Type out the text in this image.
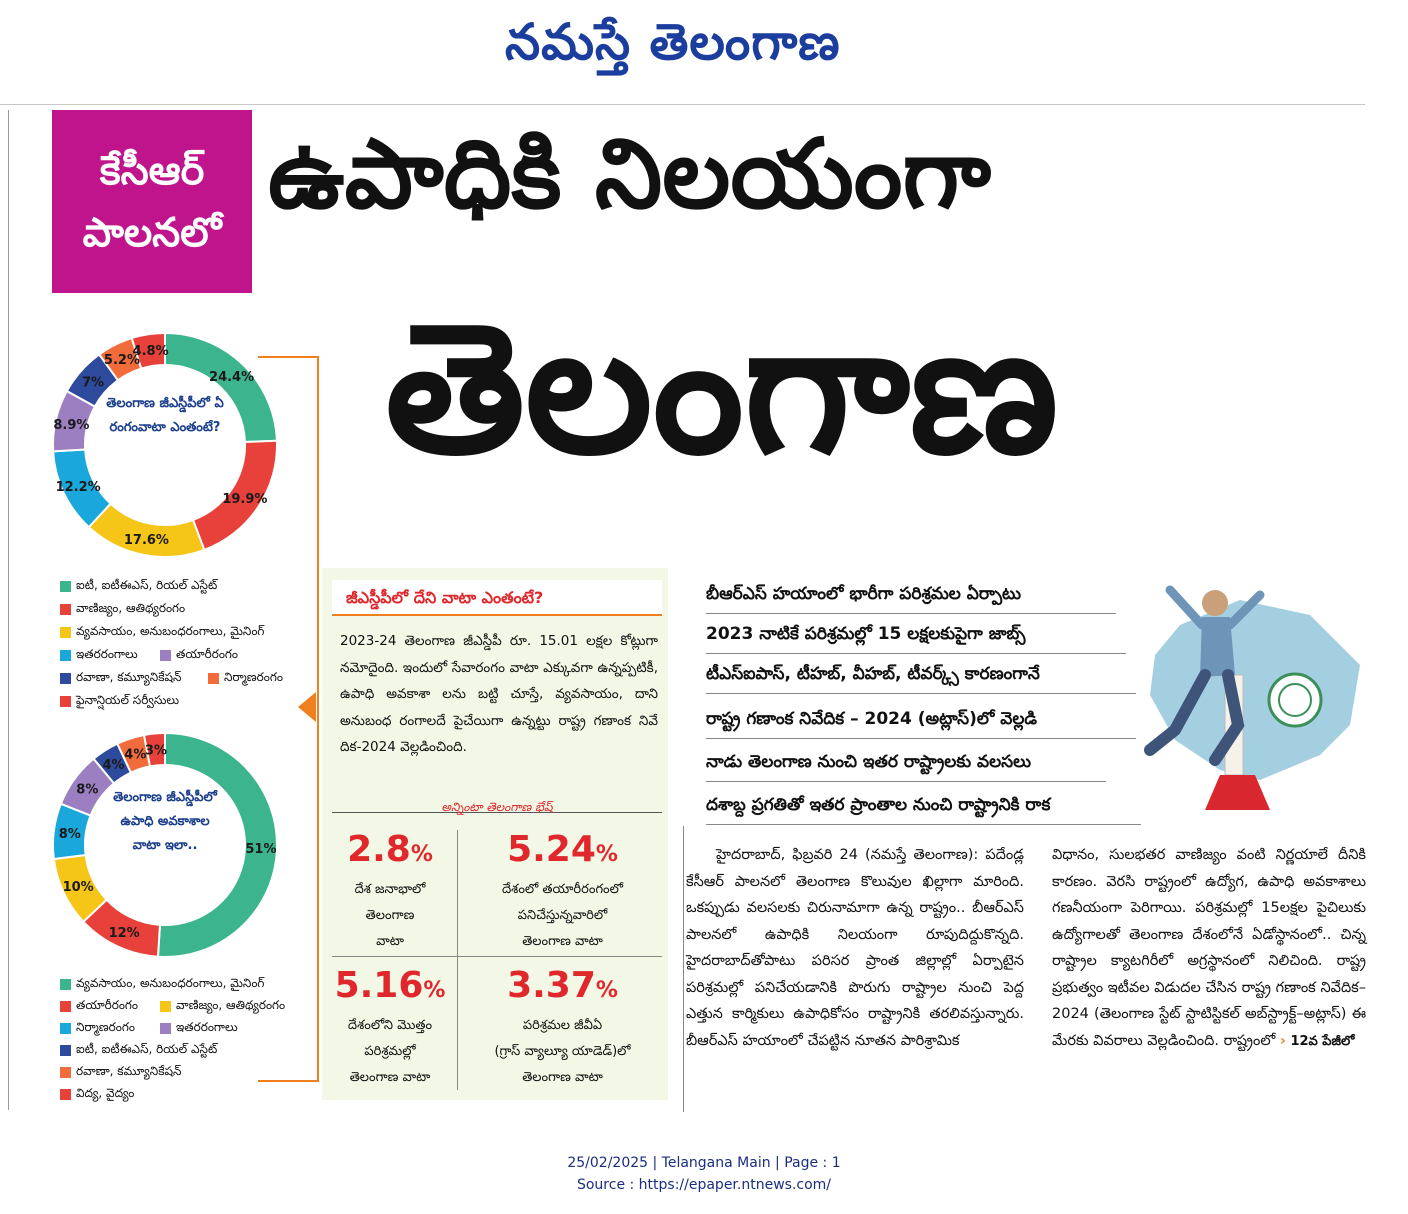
నమస్తే తెలంగాణ
కేసీఆర్
పాలనలో
ఉపాధికి నిలయంగా
తెలంగాణ
24.4%
19.9%
17.6%
12.2%
8.9%
7%
5.2%
4.8%
తెలంగాణ జీఎస్డీపీలో ఏ రంగంవాటా ఎంతంటే?
51%
12%
10%
8%
8%
4%
4%
3%
తెలంగాణ జీఎస్డీపీలో ఉపాధి అవకాశాల వాటా ఇలా..
ఐటీ, ఐటీఈఎస్, రియల్ ఎస్టేట్
వాణిజ్యం, ఆతిథ్యరంగం
వ్యవసాయం, అనుబంధరంగాలు, మైనింగ్
ఇతరరంగాలు	తయారీరంగం
రవాణా, కమ్యూనికేషన్	నిర్మాణరంగం
ఫైనాన్షియల్ సర్వీసులు
వ్యవసాయం, అనుబంధరంగాలు, మైనింగ్
తయారీరంగం	వాణిజ్యం, ఆతిథ్యరంగం
నిర్మాణరంగం	ఇతరరంగాలు
ఐటీ, ఐటీఈఎస్, రియల్ ఎస్టేట్
రవాణా, కమ్యూనికేషన్
విద్య, వైద్యం
జీఎస్డీపీలో దేని వాటా ఎంతంటే?
2023-24 తెలంగాణ జీఎస్డీపీ రూ. 15.01 లక్షల కోట్లుగా నమోదైంది. ఇందులో సేవారంగం వాటా ఎక్కువగా ఉన్నప్పటికీ, ఉపాధి అవకాశా లను బట్టి చూస్తే, వ్యవసాయం, దాని అనుబంధ రంగాలదే పైచేయిగా ఉన్నట్టు రాష్ట్ర గణాంక నివే దిక-2024 వెల్లడించింది.
అన్నింటా తెలంగాణ భేష్
2.8%
దేశ జనాభాలో
తెలంగాణ
వాటా
5.24%
దేశంలో తయారీరంగంలో
పనిచేస్తున్నవారిలో
తెలంగాణ వాటా
5.16%
దేశంలోని మొత్తం
పరిశ్రమల్లో
తెలంగాణ వాటా
3.37%
పరిశ్రమల జీవీఏ
(గ్రాస్ వ్యాల్యూ యాడెడ్)లో
తెలంగాణ వాటా
బీఆర్ఎస్ హయాంలో భారీగా పరిశ్రమల ఏర్పాటు
2023 నాటికే పరిశ్రమల్లో 15 లక్షలకుపైగా జాబ్స్
టీఎస్ఐపాస్, టీహబ్, వీహబ్, టీవర్క్స్ కారణంగానే
రాష్ట్ర గణాంక నివేదిక – 2024 (అట్లాస్)లో వెల్లడి
నాడు తెలంగాణ నుంచి ఇతర రాష్ట్రాలకు వలసలు
దశాబ్ద ప్రగతితో ఇతర ప్రాంతాల నుంచి రాష్ట్రానికి రాక
హైదరాబాద్, ఫిబ్రవరి 24 (నమస్తే తెలంగాణ): పదేండ్ల కేసీఆర్ పాలనలో తెలంగాణ కొలువుల ఖిల్లాగా మారింది. ఒకప్పుడు వలసలకు చిరునామాగా ఉన్న రాష్ట్రం.. బీఆర్ఎస్ పాలనలో ఉపాధికి నిలయంగా రూపుదిద్దుకొన్నది. హైదరాబాద్‌తోపాటు పరిసర ప్రాంత జిల్లాల్లో ఏర్పాటైన పరిశ్రమల్లో పనిచేయడానికి పొరుగు రాష్ట్రాల నుంచి పెద్ద ఎత్తున కార్మికులు ఉపాధికోసం రాష్ట్రానికి తరలివస్తున్నారు. బీఆర్ఎస్ హయాంలో చేపట్టిన నూతన పారిశ్రామిక
విధానం, సులభతర వాణిజ్యం వంటి నిర్ణయాలే దీనికి కారణం. వెరసి రాష్ట్రంలో ఉద్యోగ, ఉపాధి అవకాశాలు గణనీయంగా పెరిగాయి. పరిశ్రమల్లో 15లక్షల పైచిలుకు ఉద్యోగాలతో తెలంగాణ దేశంలోనే ఏడోస్థానంలో.. చిన్న రాష్ట్రాల క్యాటగిరీలో అగ్రస్థానంలో నిలిచింది. రాష్ట్ర ప్రభుత్వం ఇటీవల విడుదల చేసిన రాష్ట్ర గణాంక నివేదిక–2024 (తెలంగాణ స్టేట్ స్టాటిస్టికల్ అబ్‌స్ట్రాక్ట్–అట్లాస్) ఈ మేరకు వివరాలు వెల్లడించింది. రాష్ట్రంలో › 12వ పేజీలో
25/02/2025 | Telangana Main | Page : 1
Source : https://epaper.ntnews.com/
